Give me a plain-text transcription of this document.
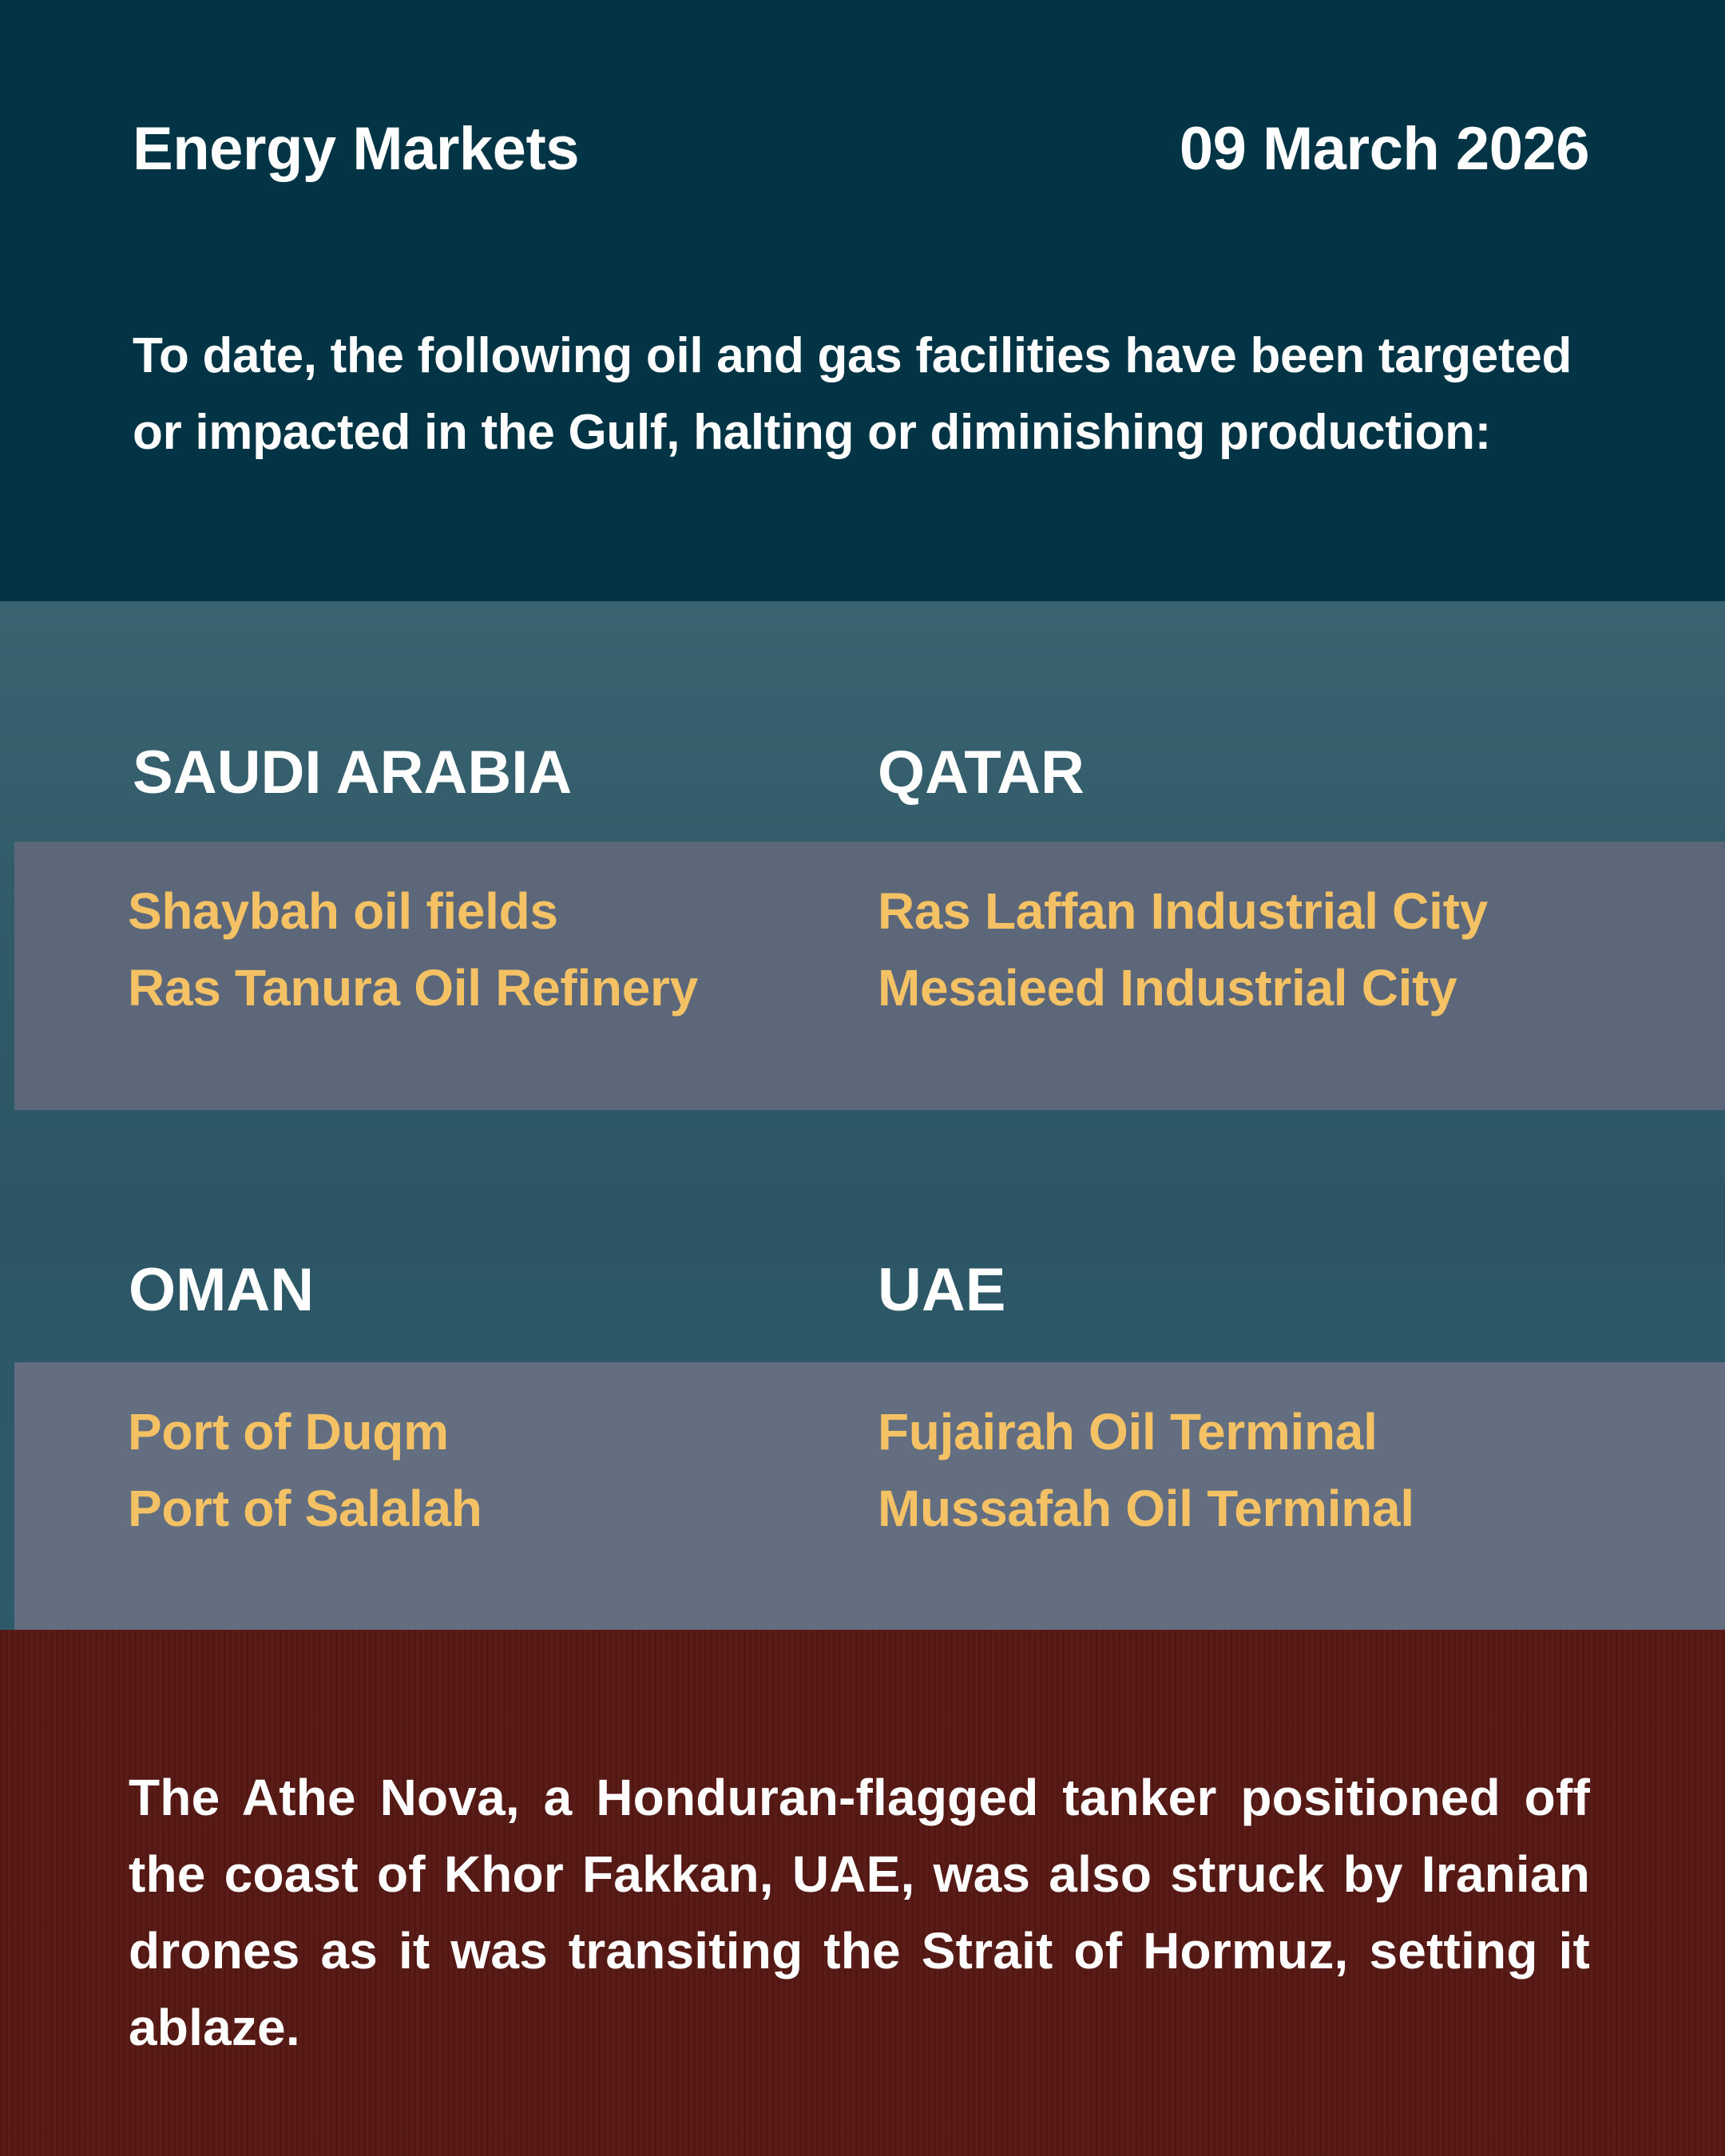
Energy Markets	09 March 2026

To date, the following oil and gas facilities have been targeted or impacted in the Gulf, halting or diminishing production:

SAUDI ARABIA
Shaybah oil fields
Ras Tanura Oil Refinery
QATAR
Ras Laffan Industrial City
Mesaieed Industrial City
OMAN
Port of Duqm
Port of Salalah
UAE
Fujairah Oil Terminal
Mussafah Oil Terminal

The Athe Nova, a Honduran-flagged tanker positioned off the coast of Khor Fakkan, UAE, was also struck by Iranian drones as it was transiting the Strait of Hormuz, setting it ablaze.
